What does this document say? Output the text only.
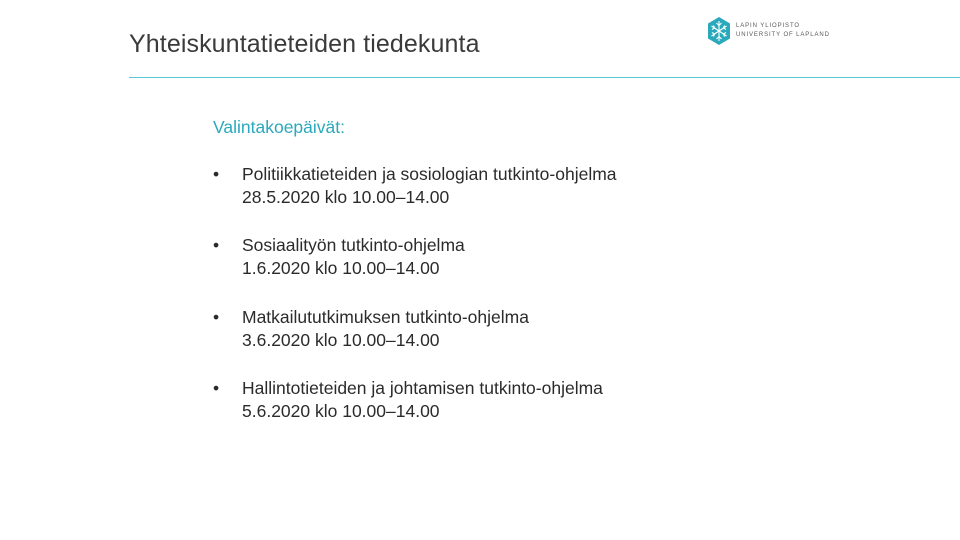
Yhteiskuntatieteiden tiedekunta
LAPIN YLIOPISTO
UNIVERSITY OF LAPLAND
Valintakoepäivät:
•	Politiikkatieteiden ja sosiologian tutkinto-ohjelma
28.5.2020 klo 10.00–14.00
•	Sosiaalityön tutkinto-ohjelma
1.6.2020 klo 10.00–14.00
•	Matkailututkimuksen tutkinto-ohjelma
3.6.2020 klo 10.00–14.00
•	Hallintotieteiden ja johtamisen tutkinto-ohjelma
5.6.2020 klo 10.00–14.00
